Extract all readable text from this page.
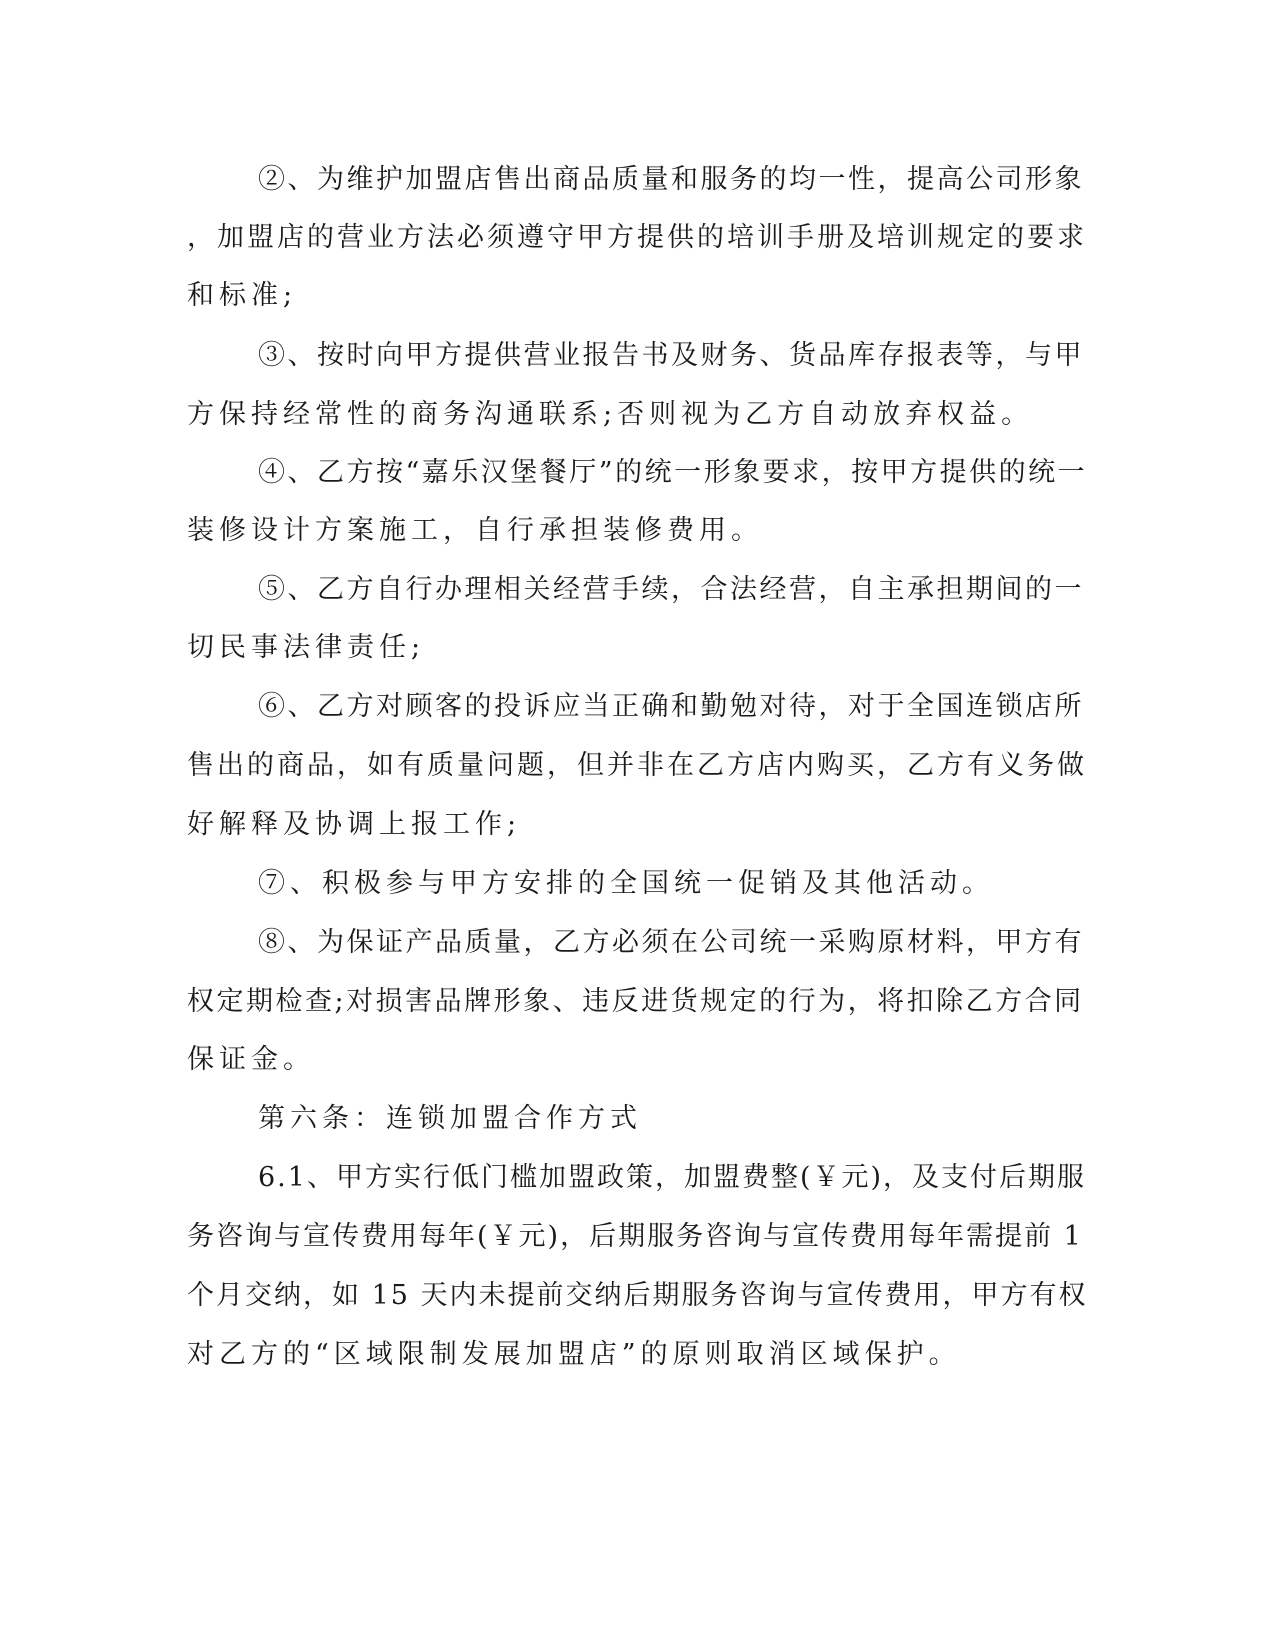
②、为维护加盟店售出商品质量和服务的均一性，提高公司形象
，加盟店的营业方法必须遵守甲方提供的培训手册及培训规定的要求
和标准;
③、按时向甲方提供营业报告书及财务、货品库存报表等，与甲
方保持经常性的商务沟通联系;否则视为乙方自动放弃权益。
④、乙方按“嘉乐汉堡餐厅”的统一形象要求，按甲方提供的统一
装修设计方案施工，自行承担装修费用。
⑤、乙方自行办理相关经营手续，合法经营，自主承担期间的一
切民事法律责任;
⑥、乙方对顾客的投诉应当正确和勤勉对待，对于全国连锁店所
售出的商品，如有质量问题，但并非在乙方店内购买，乙方有义务做
好解释及协调上报工作;
⑦、积极参与甲方安排的全国统一促销及其他活动。
⑧、为保证产品质量，乙方必须在公司统一采购原材料，甲方有
权定期检查;对损害品牌形象、违反进货规定的行为，将扣除乙方合同
保证金。
第六条：连锁加盟合作方式
6.1、甲方实行低门槛加盟政策，加盟费整(￥元)，及支付后期服
务咨询与宣传费用每年(￥元)，后期服务咨询与宣传费用每年需提前 1
个月交纳，如 15 天内未提前交纳后期服务咨询与宣传费用，甲方有权
对乙方的“区域限制发展加盟店”的原则取消区域保护。
